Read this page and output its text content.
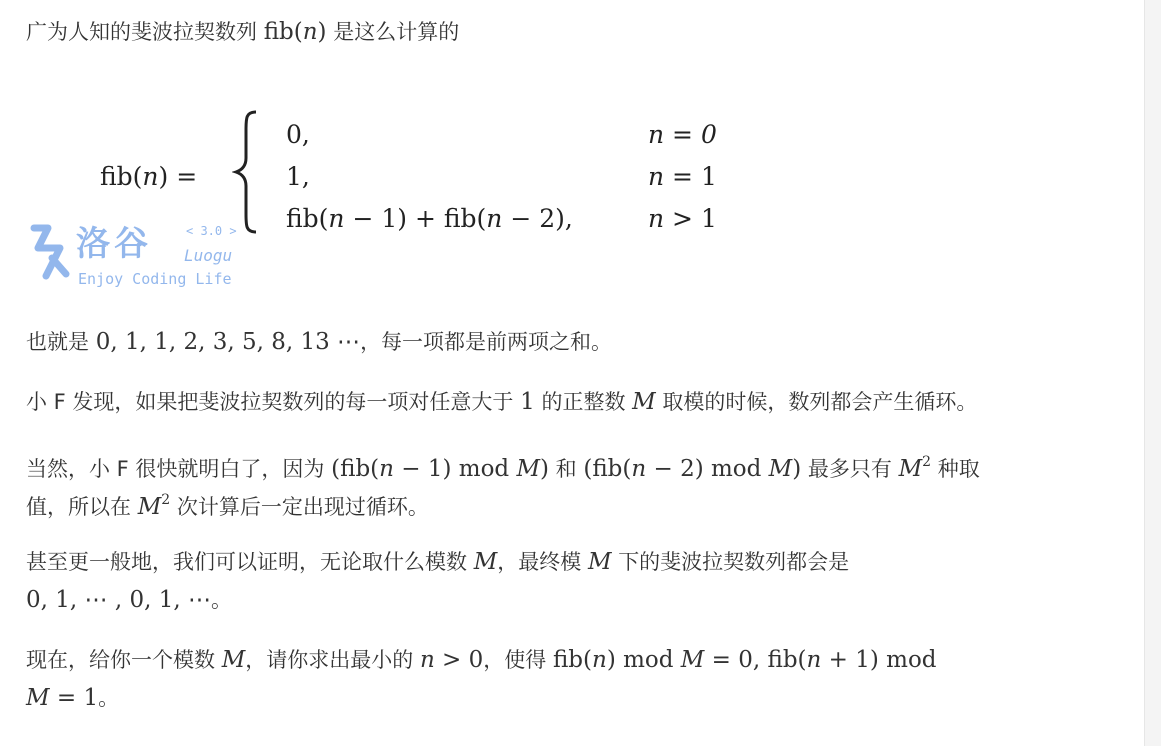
广为人知的斐波拉契数列 fib(𝑛) 是这么计算的
fib(𝑛) =
0,	𝑛 = 0
1,	𝑛 = 1
fib(𝑛 − 1) + fib(𝑛 − 2),	𝑛 > 1
洛谷	< 3.0 >
Luogu
Enjoy Coding Life
也就是 0, 1, 1, 2, 3, 5, 8, 13 ⋯，每一项都是前两项之和。
小 F 发现，如果把斐波拉契数列的每一项对任意大于 1 的正整数 𝑀 取模的时候，数列都会产生循环。
当然，小 F 很快就明白了，因为 (fib(𝑛 − 1) mod 𝑀) 和 (fib(𝑛 − 2) mod 𝑀) 最多只有 𝑀$^2$ 种取
值，所以在 𝑀$^2$ 次计算后一定出现过循环。
甚至更一般地，我们可以证明，无论取什么模数 𝑀，最终模 𝑀 下的斐波拉契数列都会是
0, 1, ⋯ , 0, 1, ⋯。
现在，给你一个模数 𝑀，请你求出最小的 𝑛 > 0，使得 fib(𝑛) mod 𝑀 = 0, fib(𝑛 + 1) mod
𝑀 = 1。
